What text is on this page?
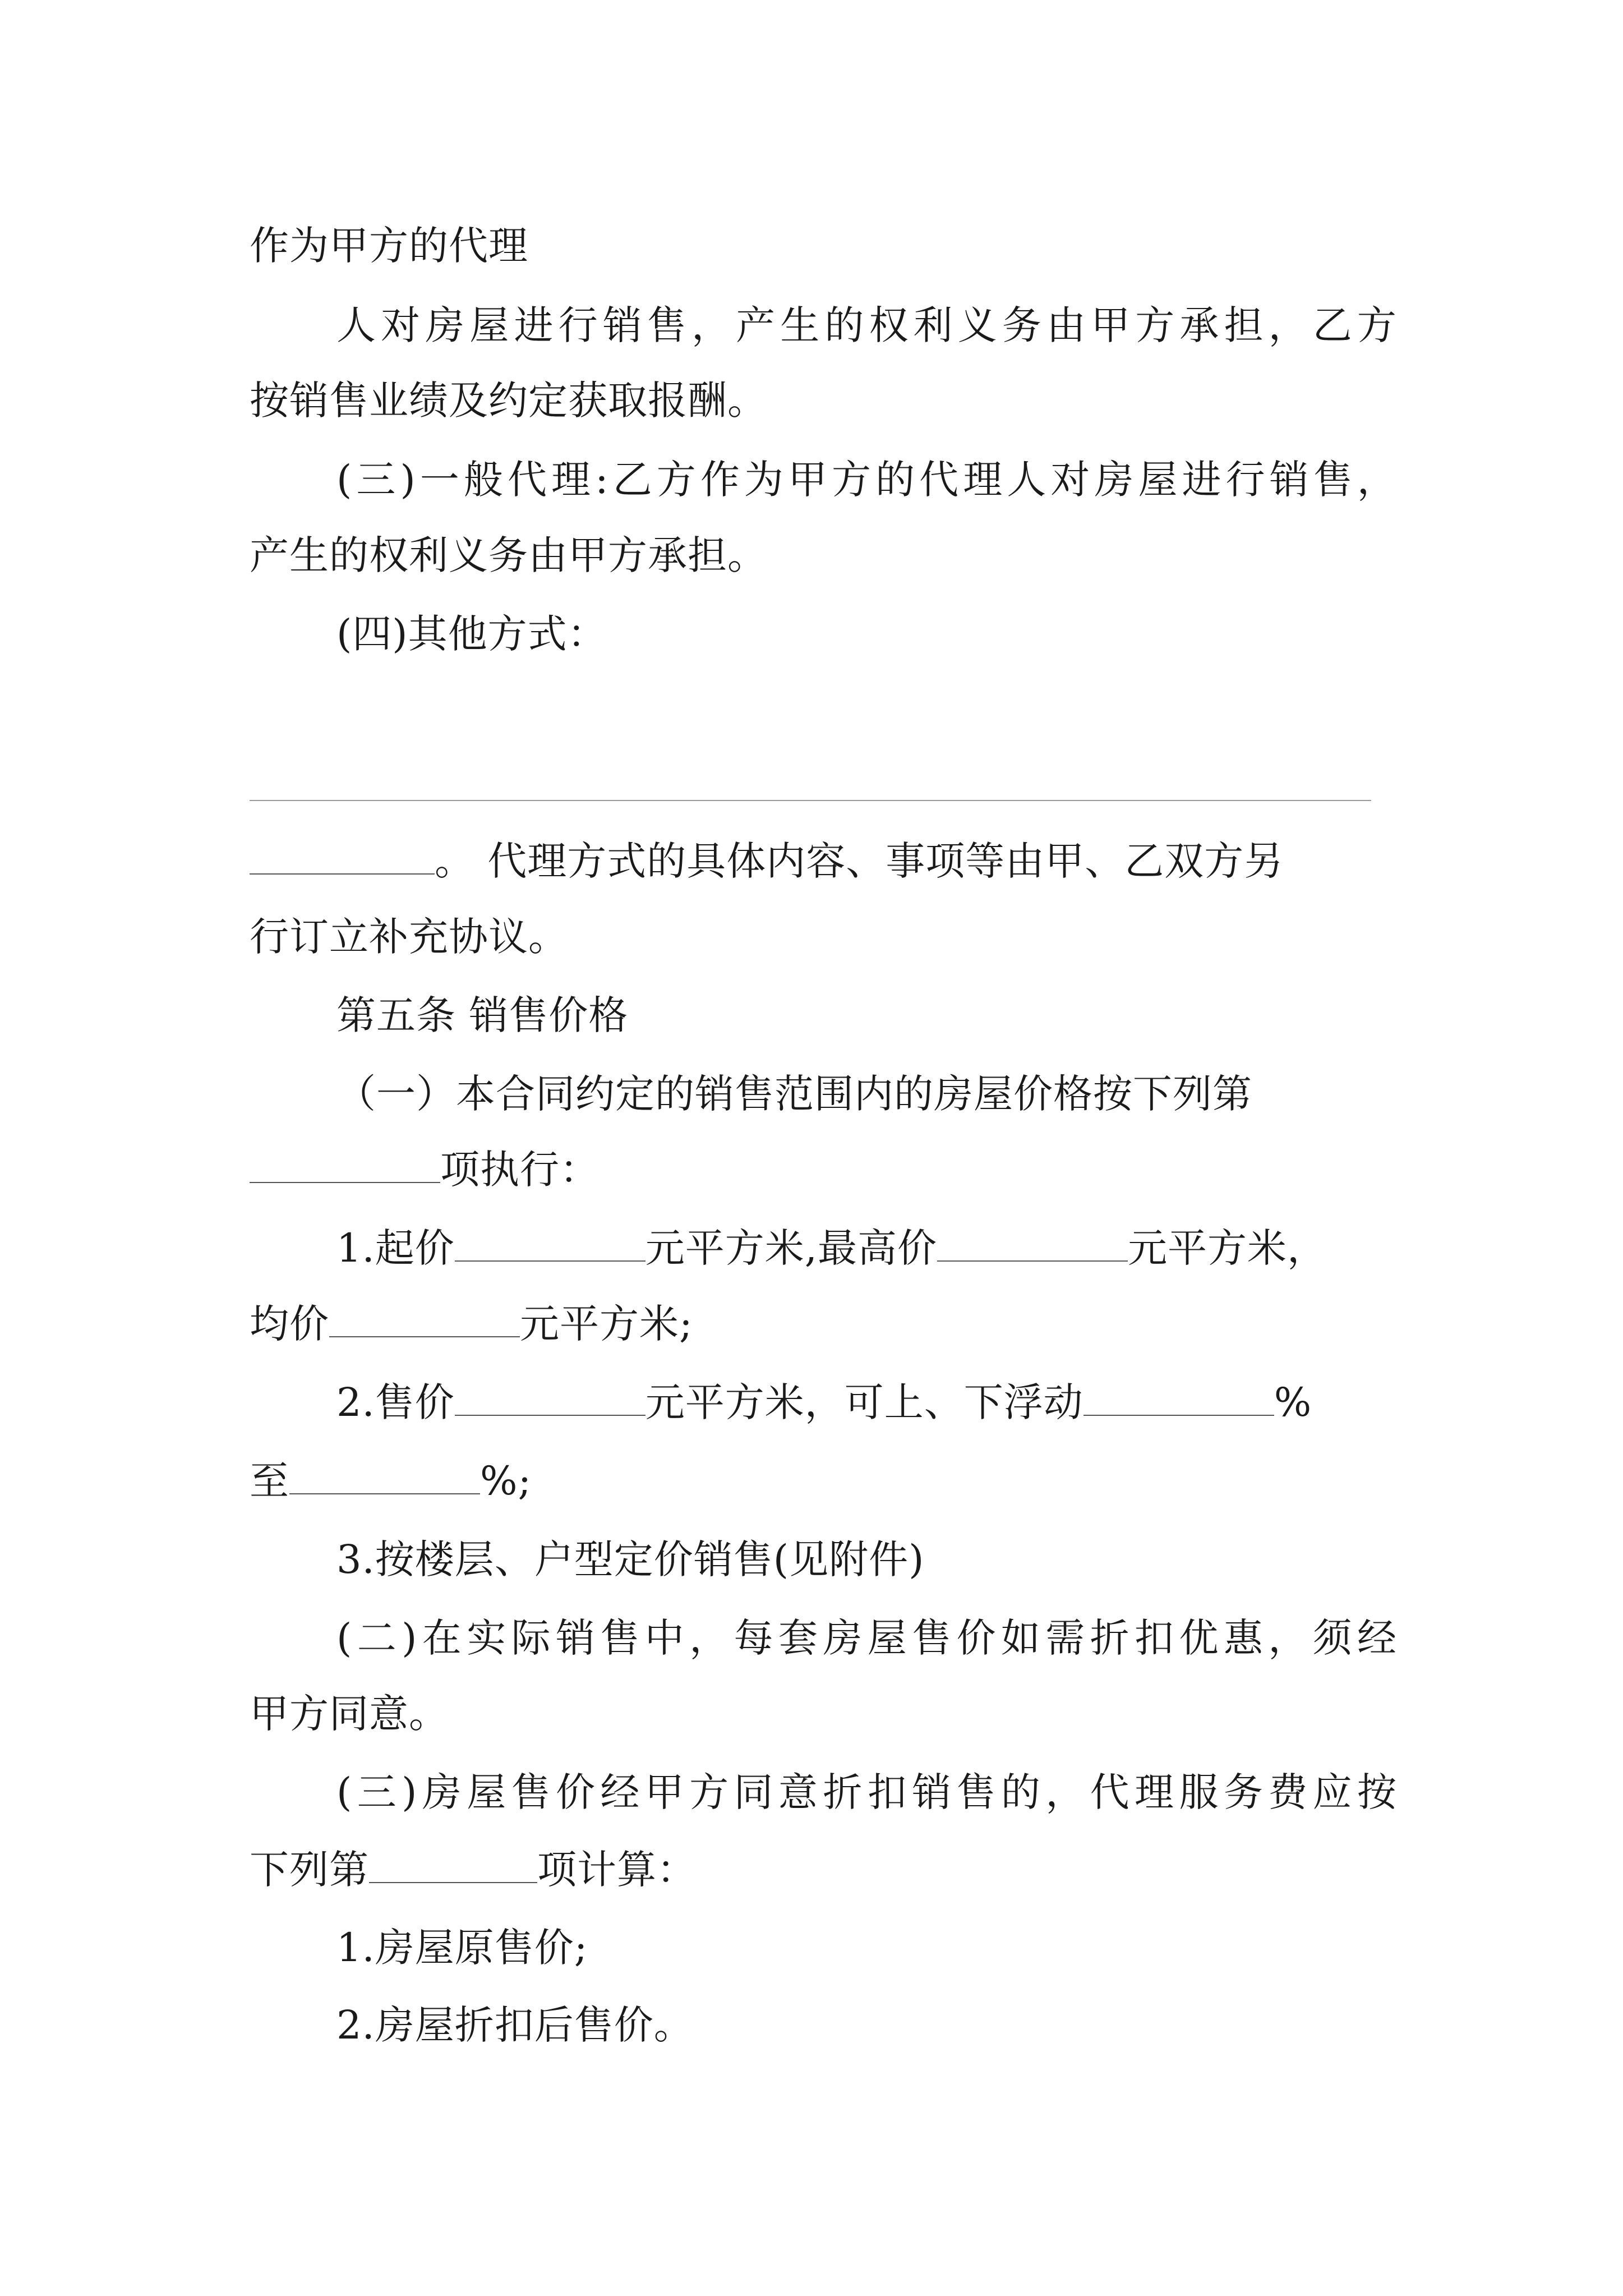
作为甲方的代理
人 对 房 屋 进 行 销 售 ， 产 生 的 权 利 义 务 由 甲 方 承 担 ， 乙 方
按销售业绩及约定获取报酬。
( 三 ) 一 般 代 理 : 乙 方 作 为 甲 方 的 代 理 人 对 房 屋 进 行 销 售 ，
产生的权利义务由甲方承担。
(四)其他方式：
。 代理方式的具体内容、事项等由甲、乙双方另
行订立补充协议。
第五条 销售价格
（一）本合同约定的销售范围内的房屋价格按下列第
项执行：
1.起价	元平方米,最高价	元平方米，
均价	元平方米;
2.售价	元平方米，可上、下浮动	%
至	%;
3.按楼层、户型定价销售(见附件)
( 二 ) 在 实 际 销 售 中 ， 每 套 房 屋 售 价 如 需 折 扣 优 惠 ， 须 经
甲方同意。
( 三 ) 房 屋 售 价 经 甲 方 同 意 折 扣 销 售 的 ， 代 理 服 务 费 应 按
下列第	项计算：
1.房屋原售价;
2.房屋折扣后售价。
